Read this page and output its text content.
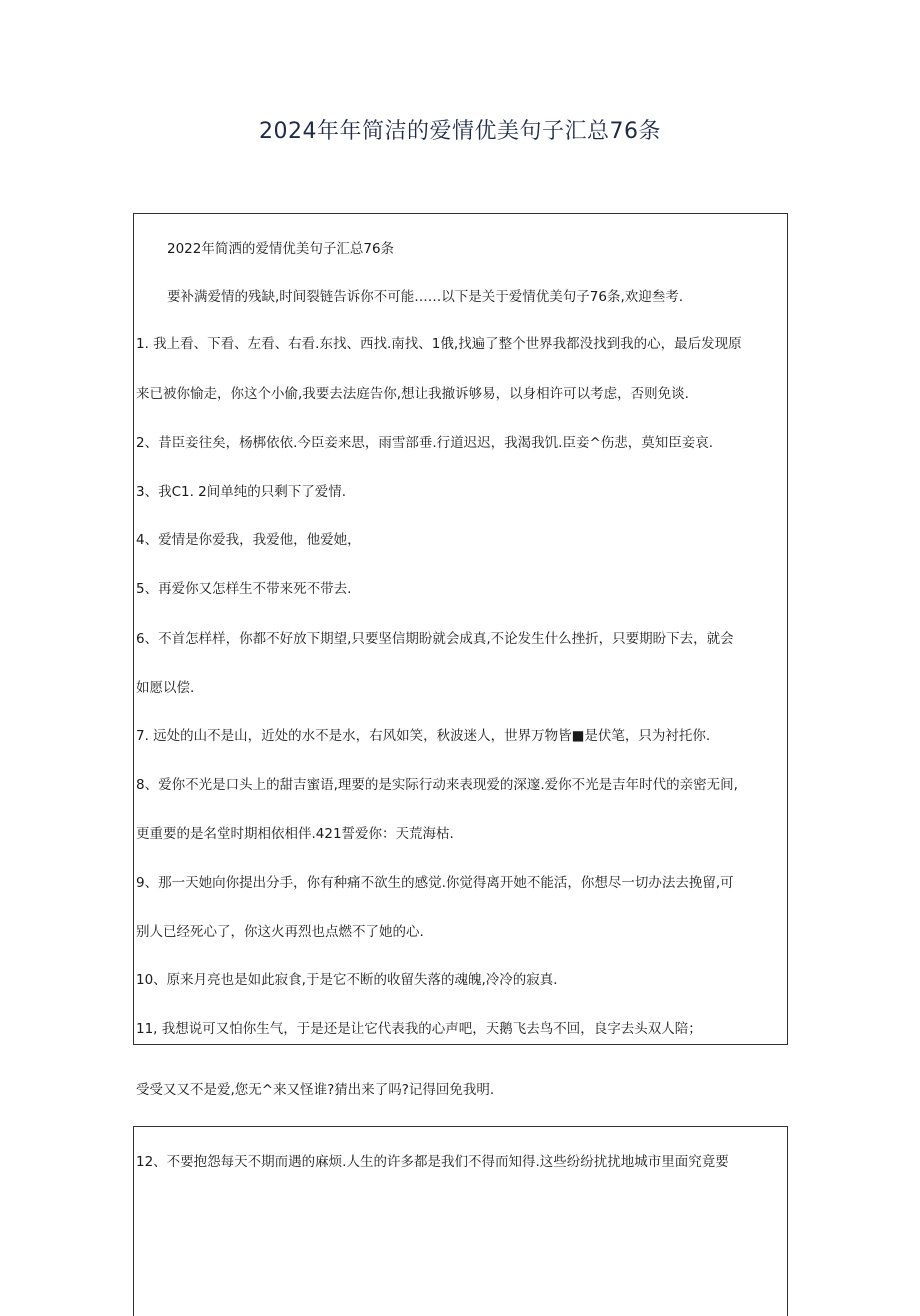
2024年年简洁的爱情优美句子汇总76条
2022年简洒的爱情优美句子汇总76条
要补满爱情的残缺,时间裂链告诉你不可能……以下是关于爱情优美句子76条,欢迎叁考.
1. 我上看、下看、左看、右看.东找、西找.南找、1俄,找遍了整个世界我都没找到我的心，最后发现原
来已被你愉走，你这个小偷,我要去法庭告你,想让我撤诉够易，以身相许可以考虑，否则免谈.
2、昔臣妾往矣，杨梆依依.今臣妾来思，雨雪部垂.行道迟迟，我渴我饥.臣妾^伤悲，莫知臣妾哀.
3、我C1. 2间单纯的只剩下了爱情.
4、爱情是你爱我，我爱他，他爱她，
5、再爱你又怎样生不带来死不带去.
6、不首怎样样，你都不好放下期望,只要坚信期盼就会成真,不论发生什么挫折，只要期盼下去，就会
如愿以偿.
7. 远处的山不是山，近处的水不是水，右风如笑，秋波迷人，世界万物皆■是伏笔，只为衬托你.
8、爱你不光是口头上的甜吉蜜语,理要的是实际行动来表现爱的深邃.爱你不光是吉年时代的亲密无间,
更重要的是名堂时期相依相伴.421誓爱你：天荒海枯.
9、那一天她向你提出分手，你有种痛不欲生的感觉.你觉得离开她不能活，你想尽一切办法去挽留,可
别人已经死心了，你这火再烈也点燃不了她的心.
10、原来月亮也是如此寂食,于是它不断的收留失落的魂魄,冷冷的寂真.
11, 我想说可又怕你生气，于是还是让它代表我的心声吧，天鹅飞去鸟不回，良字去头双人陪；
受受又又不是爱,您无^来又怪谁?猜出来了吗?记得回免我明.
12、不要抱怨每天不期而遇的麻烦.人生的许多都是我们不得而知得.这些纷纷扰扰地城市里面究竟要
